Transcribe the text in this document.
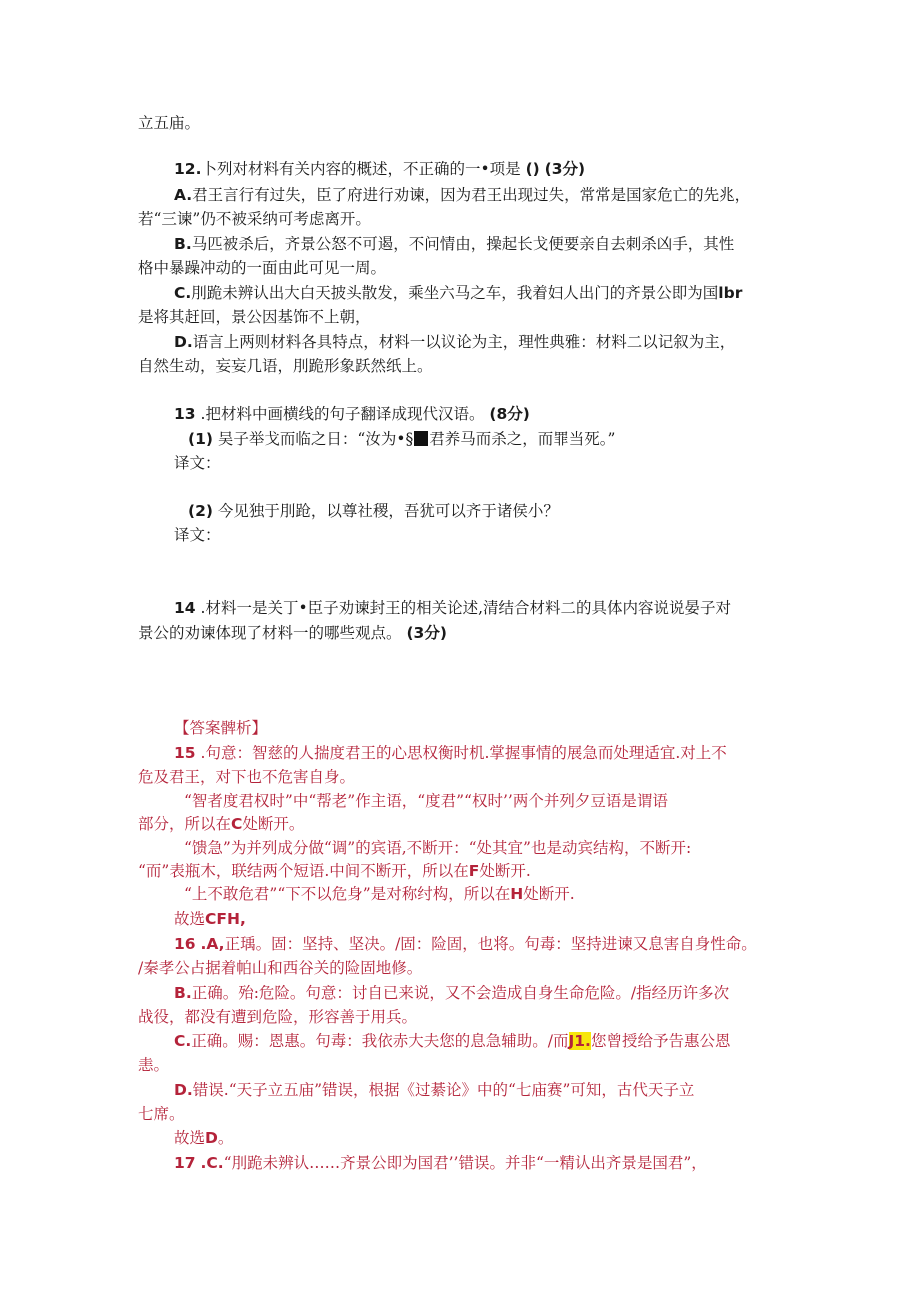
立五庙。
12.卜列对材料有关内容的概述，不正确的一•项是 () (3分)
A.君王言行有过失，臣了府进行劝谏，因为君王出现过失，常常是国家危亡的先兆，
若“三谏”仍不被采纳可考虑离开。
B.马匹被杀后，齐景公怒不可遏，不问情由，操起长戈便要亲自去刺杀凶手，其性
格中暴躁冲动的一面由此可见一周。
C.刖跪未辨认出大白天披头散发，乘坐六马之车，我着妇人出门的齐景公即为国lbr
是将其赶回，景公因基饰不上朝，
D.语言上两则材料各具特点，材料一以议论为主，理性典雅：材料二以记叙为主，
自然生动，妄妄几语，刖跪形象跃然纸上。
13 .把材料中画横线的句子翻译成现代汉语。 (8分)
(1) 吴子举戈而临之日：“汝为•§ 君养马而杀之，而罪当死。”
译文：
(2) 今见独于刖跄，以尊社稷，吾犹可以齐于诸侯小？
译文：
14 .材料一是关丁•臣子劝谏封王的相关论述,清结合材料二的具体内容说说晏子对
景公的劝谏体现了材料一的哪些观点。 (3分)
【答案髀析】
15 .句意：智慈的人揣度君王的心思权衡时机.掌握事情的展急而处理适宜.对上不
危及君王，对下也不危害自身。
“智者度君权时”中“帮老”作主语，“度君”“权时’’两个并列夕豆语是谓语
部分，所以在C处断开。
“馈急”为并列成分做“调”的宾语,不断开：“处其宜”也是动宾结构，不断开:
“而”表瓶木，联结两个短语.中间不断开，所以在F处断开.
“上不敢危君”“下不以危身”是对称纣构，所以在H处断开.
故选CFH,
16 .A,正瑀。固：坚持、坚决。/固：险固，也将。句毒：坚持进谏又息害自身性命。
/秦孝公占据着帕山和西谷关的险固地修。
B.正确。殆:危险。句意：讨自已来说，又不会造成自身生命危险。/指经历许多次
战役，都没有遭到危险，形容善于用兵。
C.正确。赐：恩惠。句毒：我依赤大夫您的息急辅助。/而J1.您曾授给予告惠公恩
恚。
D.错误.“天子立五庙”错误，根据《过綦论》中的“七庙赛”可知，古代天子立
七席。
故选D。
17 .C.“刖跪未辨认……齐景公即为国君’’错误。并非“一精认出齐景是国君”，
